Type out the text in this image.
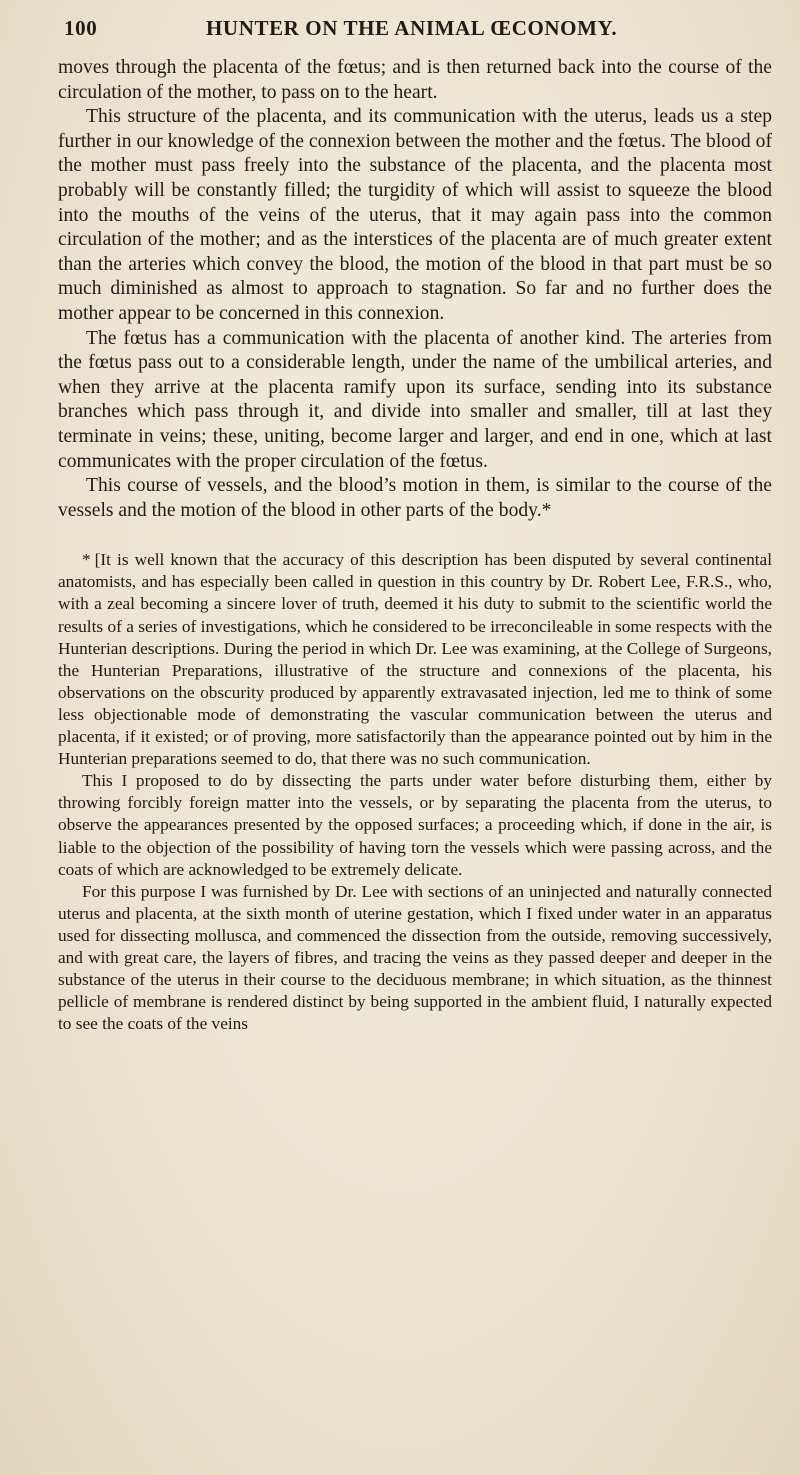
100	HUNTER ON THE ANIMAL ŒCONOMY.

moves through the placenta of the fœtus; and is then returned back into the course of the circulation of the mother, to pass on to the heart.

This structure of the placenta, and its communication with the uterus, leads us a step further in our knowledge of the connexion between the mother and the fœtus. The blood of the mother must pass freely into the substance of the placenta, and the placenta most probably will be constantly filled; the turgidity of which will assist to squeeze the blood into the mouths of the veins of the uterus, that it may again pass into the common circulation of the mother; and as the interstices of the placenta are of much greater extent than the arteries which convey the blood, the motion of the blood in that part must be so much diminished as almost to approach to stagnation. So far and no further does the mother appear to be concerned in this connexion.

The fœtus has a communication with the placenta of another kind. The arteries from the fœtus pass out to a considerable length, under the name of the umbilical arteries, and when they arrive at the placenta ramify upon its surface, sending into its substance branches which pass through it, and divide into smaller and smaller, till at last they terminate in veins; these, uniting, become larger and larger, and end in one, which at last communicates with the proper circulation of the fœtus.

This course of vessels, and the blood’s motion in them, is similar to the course of the vessels and the motion of the blood in other parts of the body.*

* [It is well known that the accuracy of this description has been disputed by several continental anatomists, and has especially been called in question in this country by Dr. Robert Lee, F.R.S., who, with a zeal becoming a sincere lover of truth, deemed it his duty to submit to the scientific world the results of a series of investigations, which he considered to be irreconcileable in some respects with the Hunterian descriptions. During the period in which Dr. Lee was examining, at the College of Surgeons, the Hunterian Preparations, illustrative of the structure and connexions of the placenta, his observations on the obscurity produced by apparently extravasated injection, led me to think of some less objectionable mode of demonstrating the vascular communication between the uterus and placenta, if it existed; or of proving, more satisfactorily than the appearance pointed out by him in the Hunterian preparations seemed to do, that there was no such communication.

This I proposed to do by dissecting the parts under water before disturbing them, either by throwing forcibly foreign matter into the vessels, or by separating the placenta from the uterus, to observe the appearances presented by the opposed surfaces; a proceeding which, if done in the air, is liable to the objection of the possibility of having torn the vessels which were passing across, and the coats of which are acknowledged to be extremely delicate.

For this purpose I was furnished by Dr. Lee with sections of an uninjected and naturally connected uterus and placenta, at the sixth month of uterine gestation, which I fixed under water in an apparatus used for dissecting mollusca, and commenced the dissection from the outside, removing successively, and with great care, the layers of fibres, and tracing the veins as they passed deeper and deeper in the substance of the uterus in their course to the deciduous membrane; in which situation, as the thinnest pellicle of membrane is rendered distinct by being supported in the ambient fluid, I naturally expected to see the coats of the veins
